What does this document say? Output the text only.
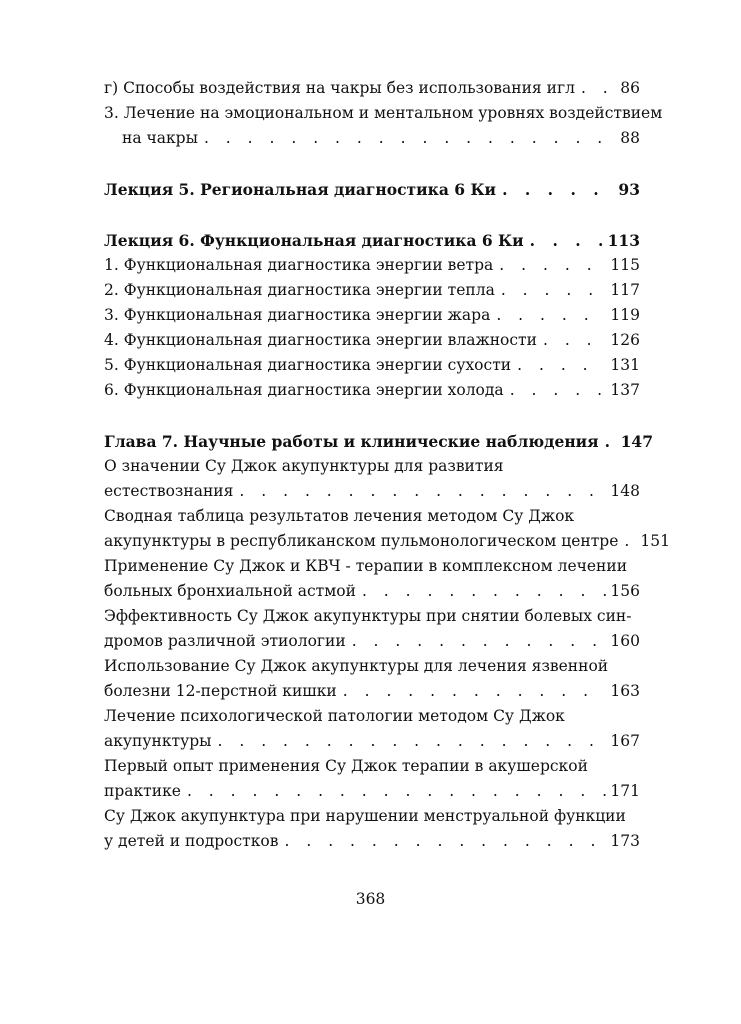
г) Способы воздействия на чакры без использования игл . . .	86
3. Лечение на эмоциональном и ментальном уровнях воздействием
на чакры . . .	88
Лекция 5. Региональная диагностика 6 Ки . . .	93
Лекция 6. Функциональная диагностика 6 Ки . . .	113
1. Функциональная диагностика энергии ветра . . .	115
2. Функциональная диагностика энергии тепла . . .	117
3. Функциональная диагностика энергии жара . . .	119
4. Функциональная диагностика энергии влажности . . .	126
5. Функциональная диагностика энергии сухости . . .	131
6. Функциональная диагностика энергии холода . . .	137
Глава 7. Научные работы и клинические наблюдения . . . 147
О значении Су Джок акупунктуры для развития
естествознания . . .	148
Сводная таблица результатов лечения методом Су Джок
акупунктуры в республиканском пульмонологическом центре . . . 151
Применение Су Джок и КВЧ - терапии в комплексном лечении
больных бронхиальной астмой . . .	156
Эффективность Су Джок акупунктуры при снятии болевых син-
дромов различной этиологии . . .	160
Использование Су Джок акупунктуры для лечения язвенной
болезни 12-перстной кишки . . .	163
Лечение психологической патологии методом Су Джок
акупунктуры . . .	167
Первый опыт применения Су Джок терапии в акушерской
практике . . .	171
Су Джок акупунктура при нарушении менструальной функции
у детей и подростков . . .	173
368
